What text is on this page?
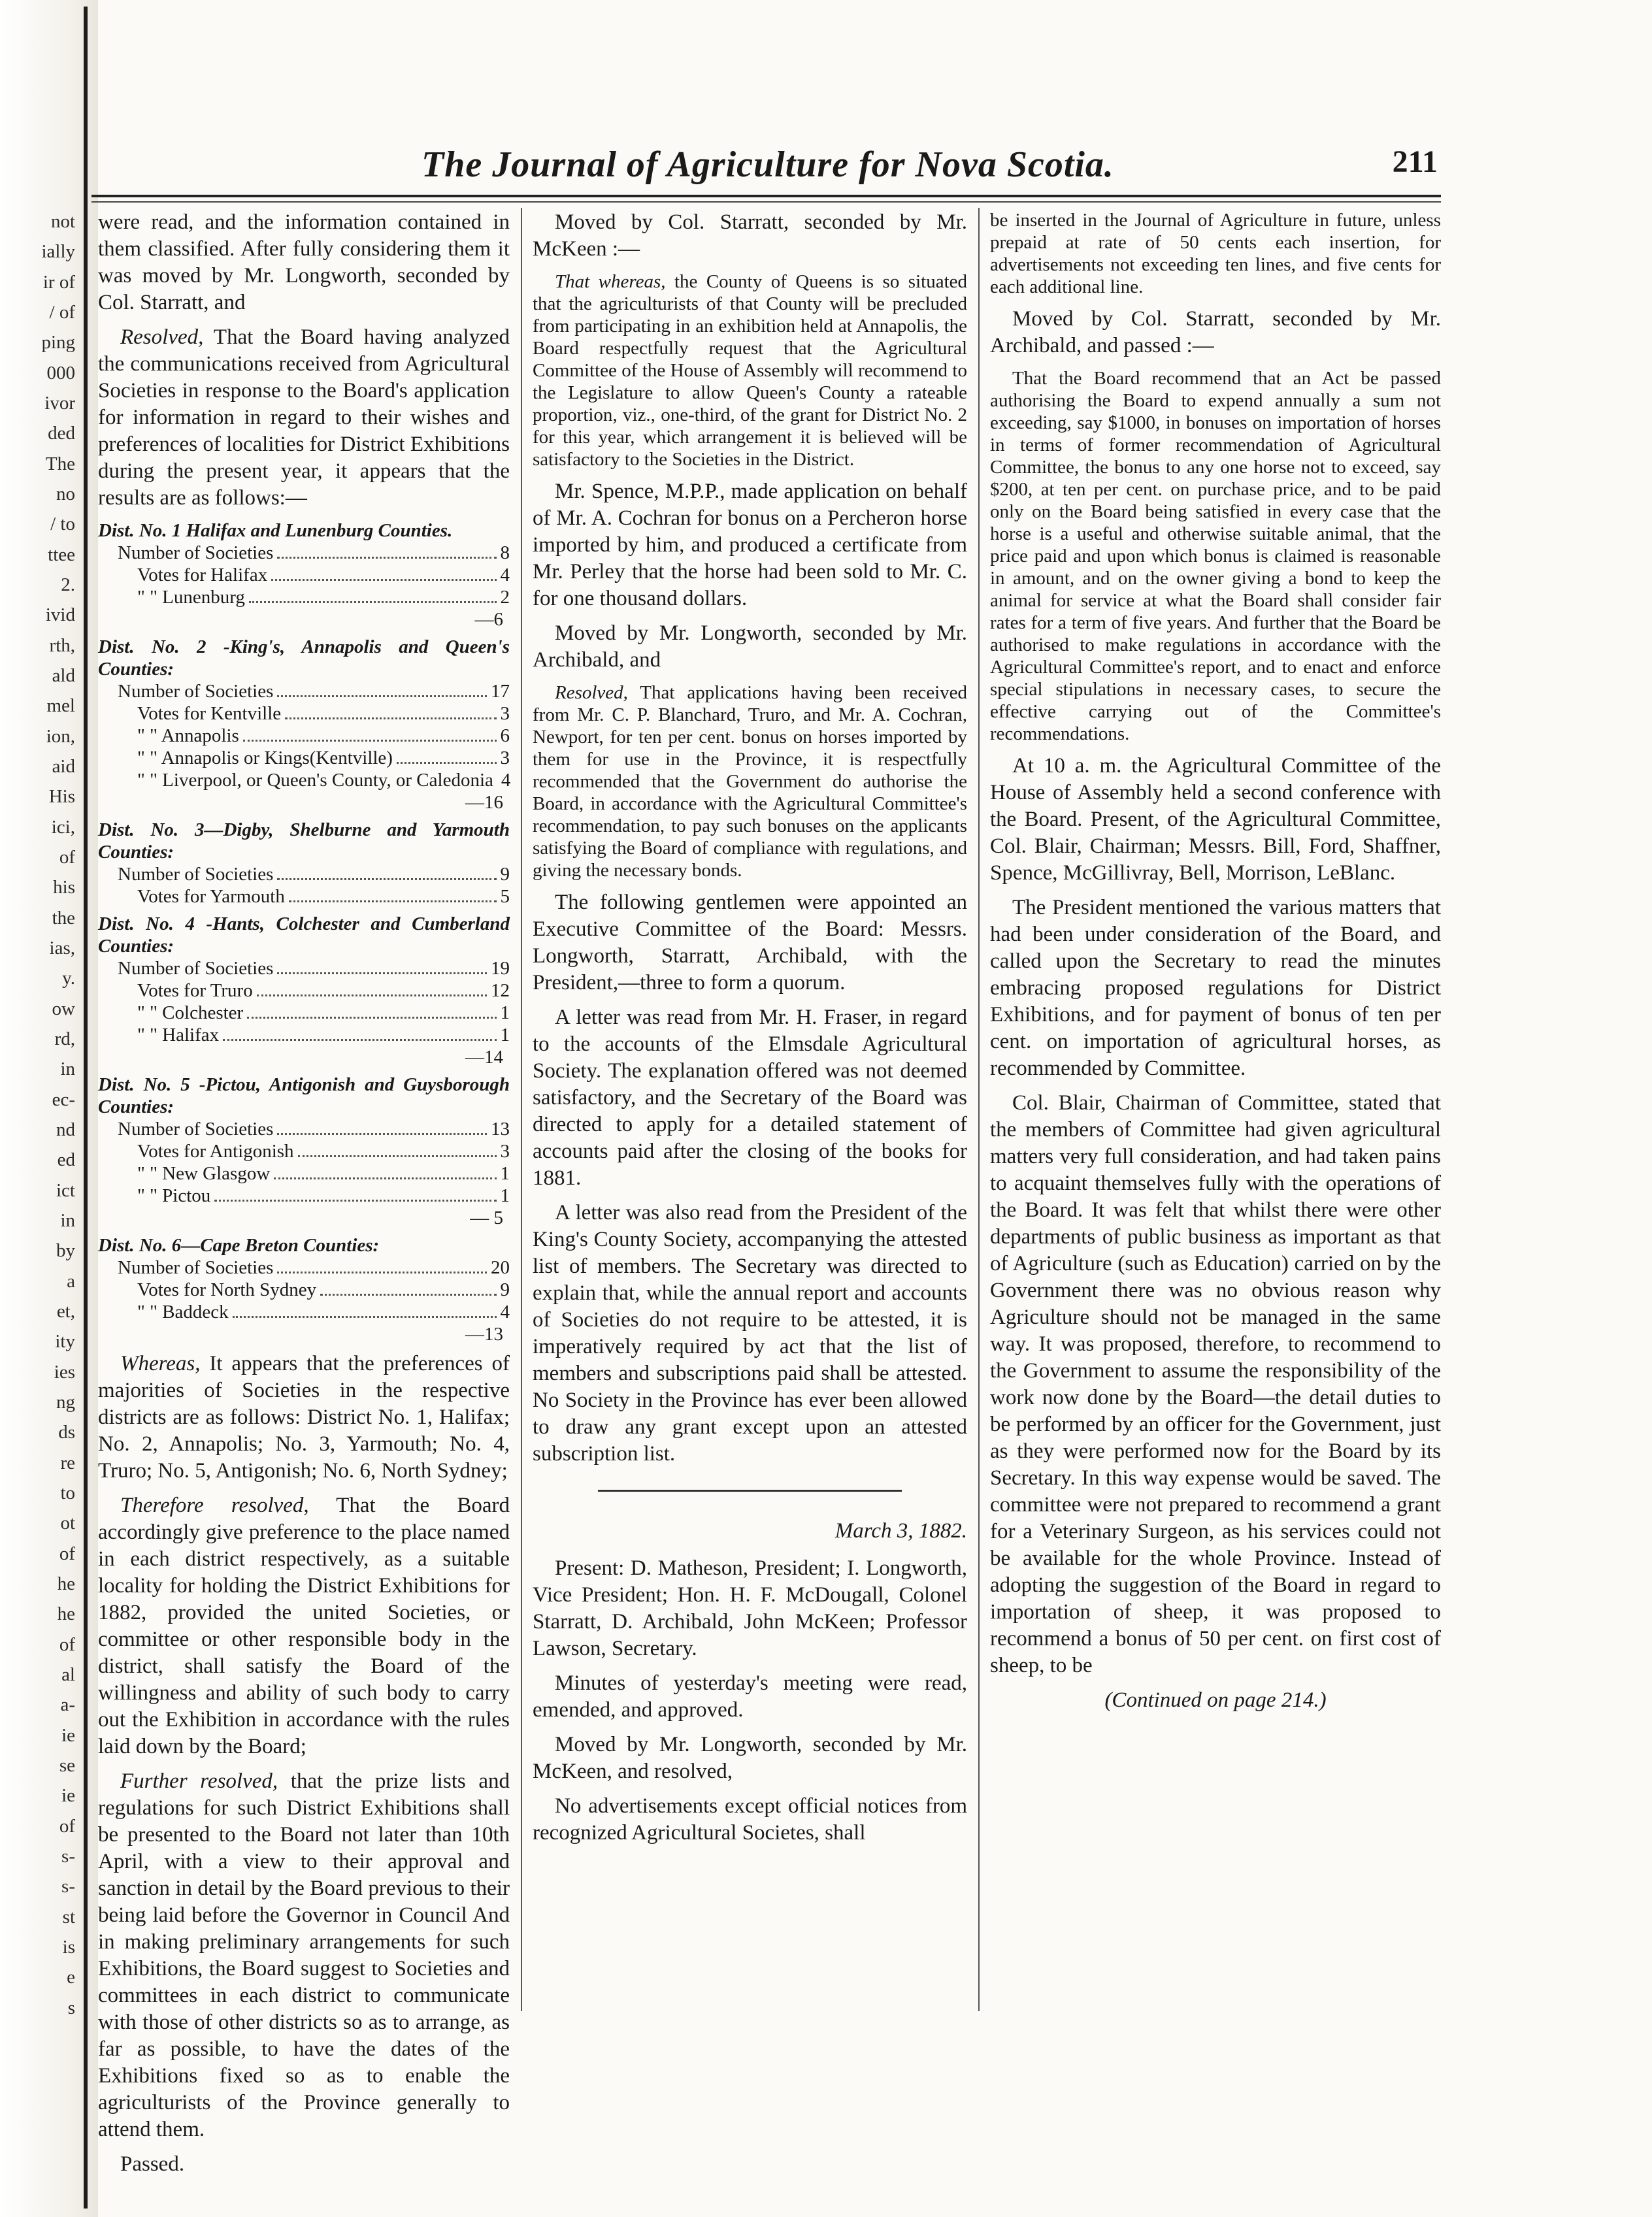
not
ially
ir of
/ of
ping
000
ivor
ded
The
no
/ to
ttee
2.
ivid
rth,
ald
mel
ion,
aid
His
ici,
of
his
the
ias,
y.
ow
rd,
in
ec-
nd
ed
ict
in
by
a
et,
ity
ies
ng
ds
re
to
ot
of
he
he
of
al
a-
ie
se
ie
of
s-
s-
st
is
e
s
The Journal of Agriculture for Nova Scotia.	211

were read, and the information contained in them classified. After fully considering them it was moved by Mr. Longworth, seconded by Col. Starratt, and

Resolved, That the Board having analyzed the communications received from Agricultural Societies in response to the Board's application for information in regard to their wishes and preferences of localities for District Exhibitions during the present year, it appears that the results are as follows:—

Dist. No. 1 Halifax and Lunenburg Counties.
Number of Societies	8
Votes for Halifax	4
" " Lunenburg	2
—6
Dist. No. 2 -King's, Annapolis and Queen's Counties:
Number of Societies	17
Votes for Kentville	3
" " Annapolis	6
" " Annapolis or Kings(Kentville)	3
" " Liverpool, or Queen's County, or Caledonia 4
—16
Dist. No. 3—Digby, Shelburne and Yarmouth Counties:
Number of Societies	9
Votes for Yarmouth	5
Dist. No. 4 -Hants, Colchester and Cumberland Counties:
Number of Societies	19
Votes for Truro	12
" " Colchester	1
" " Halifax	1
—14
Dist. No. 5 -Pictou, Antigonish and Guysborough Counties:
Number of Societies	13
Votes for Antigonish	3
" " New Glasgow	1
" " Pictou	1
— 5
Dist. No. 6—Cape Breton Counties:
Number of Societies	20
Votes for North Sydney	9
" " Baddeck	4
—13

Whereas, It appears that the preferences of majorities of Societies in the respective districts are as follows: District No. 1, Halifax; No. 2, Annapolis; No. 3, Yarmouth; No. 4, Truro; No. 5, Antigonish; No. 6, North Sydney;

Therefore resolved, That the Board accordingly give preference to the place named in each district respectively, as a suitable locality for holding the District Exhibitions for 1882, provided the united Societies, or committee or other responsible body in the district, shall satisfy the Board of the willingness and ability of such body to carry out the Exhibition in accordance with the rules laid down by the Board;

Further resolved, that the prize lists and regulations for such District Exhibitions shall be presented to the Board not later than 10th April, with a view to their approval and sanction in detail by the Board previous to their being laid before the Governor in Council And in making preliminary arrangements for such Exhibitions, the Board suggest to Societies and committees in each district to communicate with those of other districts so as to arrange, as far as possible, to have the dates of the Exhibitions fixed so as to enable the agriculturists of the Province generally to attend them.

Passed.

Moved by Col. Starratt, seconded by Mr. McKeen :—

That whereas, the County of Queens is so situated that the agriculturists of that County will be precluded from participating in an exhibition held at Annapolis, the Board respectfully request that the Agricultural Committee of the House of Assembly will recommend to the Legislature to allow Queen's County a rateable proportion, viz., one-third, of the grant for District No. 2 for this year, which arrangement it is believed will be satisfactory to the Societies in the District.

Mr. Spence, M.P.P., made application on behalf of Mr. A. Cochran for bonus on a Percheron horse imported by him, and produced a certificate from Mr. Perley that the horse had been sold to Mr. C. for one thousand dollars.

Moved by Mr. Longworth, seconded by Mr. Archibald, and

Resolved, That applications having been received from Mr. C. P. Blanchard, Truro, and Mr. A. Cochran, Newport, for ten per cent. bonus on horses imported by them for use in the Province, it is respectfully recommended that the Government do authorise the Board, in accordance with the Agricultural Committee's recommendation, to pay such bonuses on the applicants satisfying the Board of compliance with regulations, and giving the necessary bonds.

The following gentlemen were appointed an Executive Committee of the Board: Messrs. Longworth, Starratt, Archibald, with the President,—three to form a quorum.

A letter was read from Mr. H. Fraser, in regard to the accounts of the Elmsdale Agricultural Society. The explanation offered was not deemed satisfactory, and the Secretary of the Board was directed to apply for a detailed statement of accounts paid after the closing of the books for 1881.

A letter was also read from the President of the King's County Society, accompanying the attested list of members. The Secretary was directed to explain that, while the annual report and accounts of Societies do not require to be attested, it is imperatively required by act that the list of members and subscriptions paid shall be attested. No Society in the Province has ever been allowed to draw any grant except upon an attested subscription list.

March 3, 1882.

Present: D. Matheson, President; I. Longworth, Vice President; Hon. H. F. McDougall, Colonel Starratt, D. Archibald, John McKeen; Professor Lawson, Secretary.

Minutes of yesterday's meeting were read, emended, and approved.

Moved by Mr. Longworth, seconded by Mr. McKeen, and resolved,

No advertisements except official notices from recognized Agricultural Societes, shall

be inserted in the Journal of Agriculture in future, unless prepaid at rate of 50 cents each insertion, for advertisements not exceeding ten lines, and five cents for each additional line.

Moved by Col. Starratt, seconded by Mr. Archibald, and passed :—

That the Board recommend that an Act be passed authorising the Board to expend annually a sum not exceeding, say $1000, in bonuses on importation of horses in terms of former recommendation of Agricultural Committee, the bonus to any one horse not to exceed, say $200, at ten per cent. on purchase price, and to be paid only on the Board being satisfied in every case that the horse is a useful and otherwise suitable animal, that the price paid and upon which bonus is claimed is reasonable in amount, and on the owner giving a bond to keep the animal for service at what the Board shall consider fair rates for a term of five years. And further that the Board be authorised to make regulations in accordance with the Agricultural Committee's report, and to enact and enforce special stipulations in necessary cases, to secure the effective carrying out of the Committee's recommendations.

At 10 a. m. the Agricultural Committee of the House of Assembly held a second conference with the Board. Present, of the Agricultural Committee, Col. Blair, Chairman; Messrs. Bill, Ford, Shaffner, Spence, McGillivray, Bell, Morrison, LeBlanc.

The President mentioned the various matters that had been under consideration of the Board, and called upon the Secretary to read the minutes embracing proposed regulations for District Exhibitions, and for payment of bonus of ten per cent. on importation of agricultural horses, as recommended by Committee.

Col. Blair, Chairman of Committee, stated that the members of Committee had given agricultural matters very full consideration, and had taken pains to acquaint themselves fully with the operations of the Board. It was felt that whilst there were other departments of public business as important as that of Agriculture (such as Education) carried on by the Government there was no obvious reason why Agriculture should not be managed in the same way. It was proposed, therefore, to recommend to the Government to assume the responsibility of the work now done by the Board—the detail duties to be performed by an officer for the Government, just as they were performed now for the Board by its Secretary. In this way expense would be saved. The committee were not prepared to recommend a grant for a Veterinary Surgeon, as his services could not be available for the whole Province. Instead of adopting the suggestion of the Board in regard to importation of sheep, it was proposed to recommend a bonus of 50 per cent. on first cost of sheep, to be

(Continued on page 214.)
